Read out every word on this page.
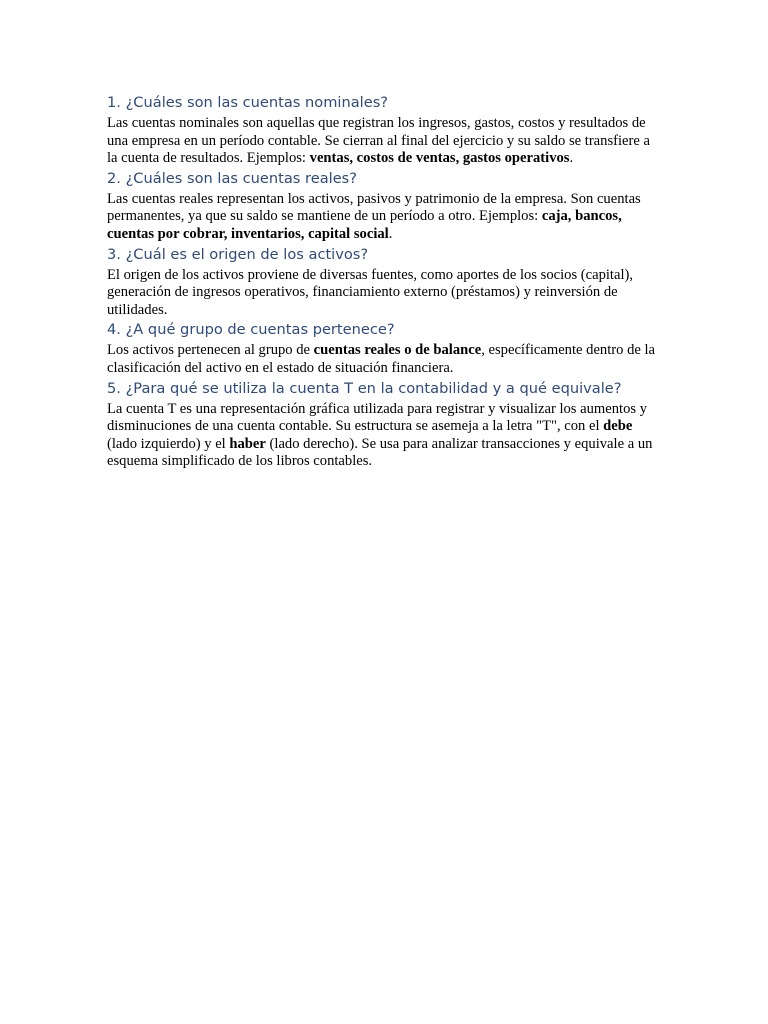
1. ¿Cuáles son las cuentas nominales?

Las cuentas nominales son aquellas que registran los ingresos, gastos, costos y resultados de una empresa en un período contable. Se cierran al final del ejercicio y su saldo se transfiere a la cuenta de resultados. Ejemplos: ventas, costos de ventas, gastos operativos.

2. ¿Cuáles son las cuentas reales?

Las cuentas reales representan los activos, pasivos y patrimonio de la empresa. Son cuentas permanentes, ya que su saldo se mantiene de un período a otro. Ejemplos: caja, bancos, cuentas por cobrar, inventarios, capital social.

3. ¿Cuál es el origen de los activos?

El origen de los activos proviene de diversas fuentes, como aportes de los socios (capital), generación de ingresos operativos, financiamiento externo (préstamos) y reinversión de utilidades.

4. ¿A qué grupo de cuentas pertenece?

Los activos pertenecen al grupo de cuentas reales o de balance, específicamente dentro de la clasificación del activo en el estado de situación financiera.

5. ¿Para qué se utiliza la cuenta T en la contabilidad y a qué equivale?

La cuenta T es una representación gráfica utilizada para registrar y visualizar los aumentos y disminuciones de una cuenta contable. Su estructura se asemeja a la letra "T", con el debe (lado izquierdo) y el haber (lado derecho). Se usa para analizar transacciones y equivale a un esquema simplificado de los libros contables.
